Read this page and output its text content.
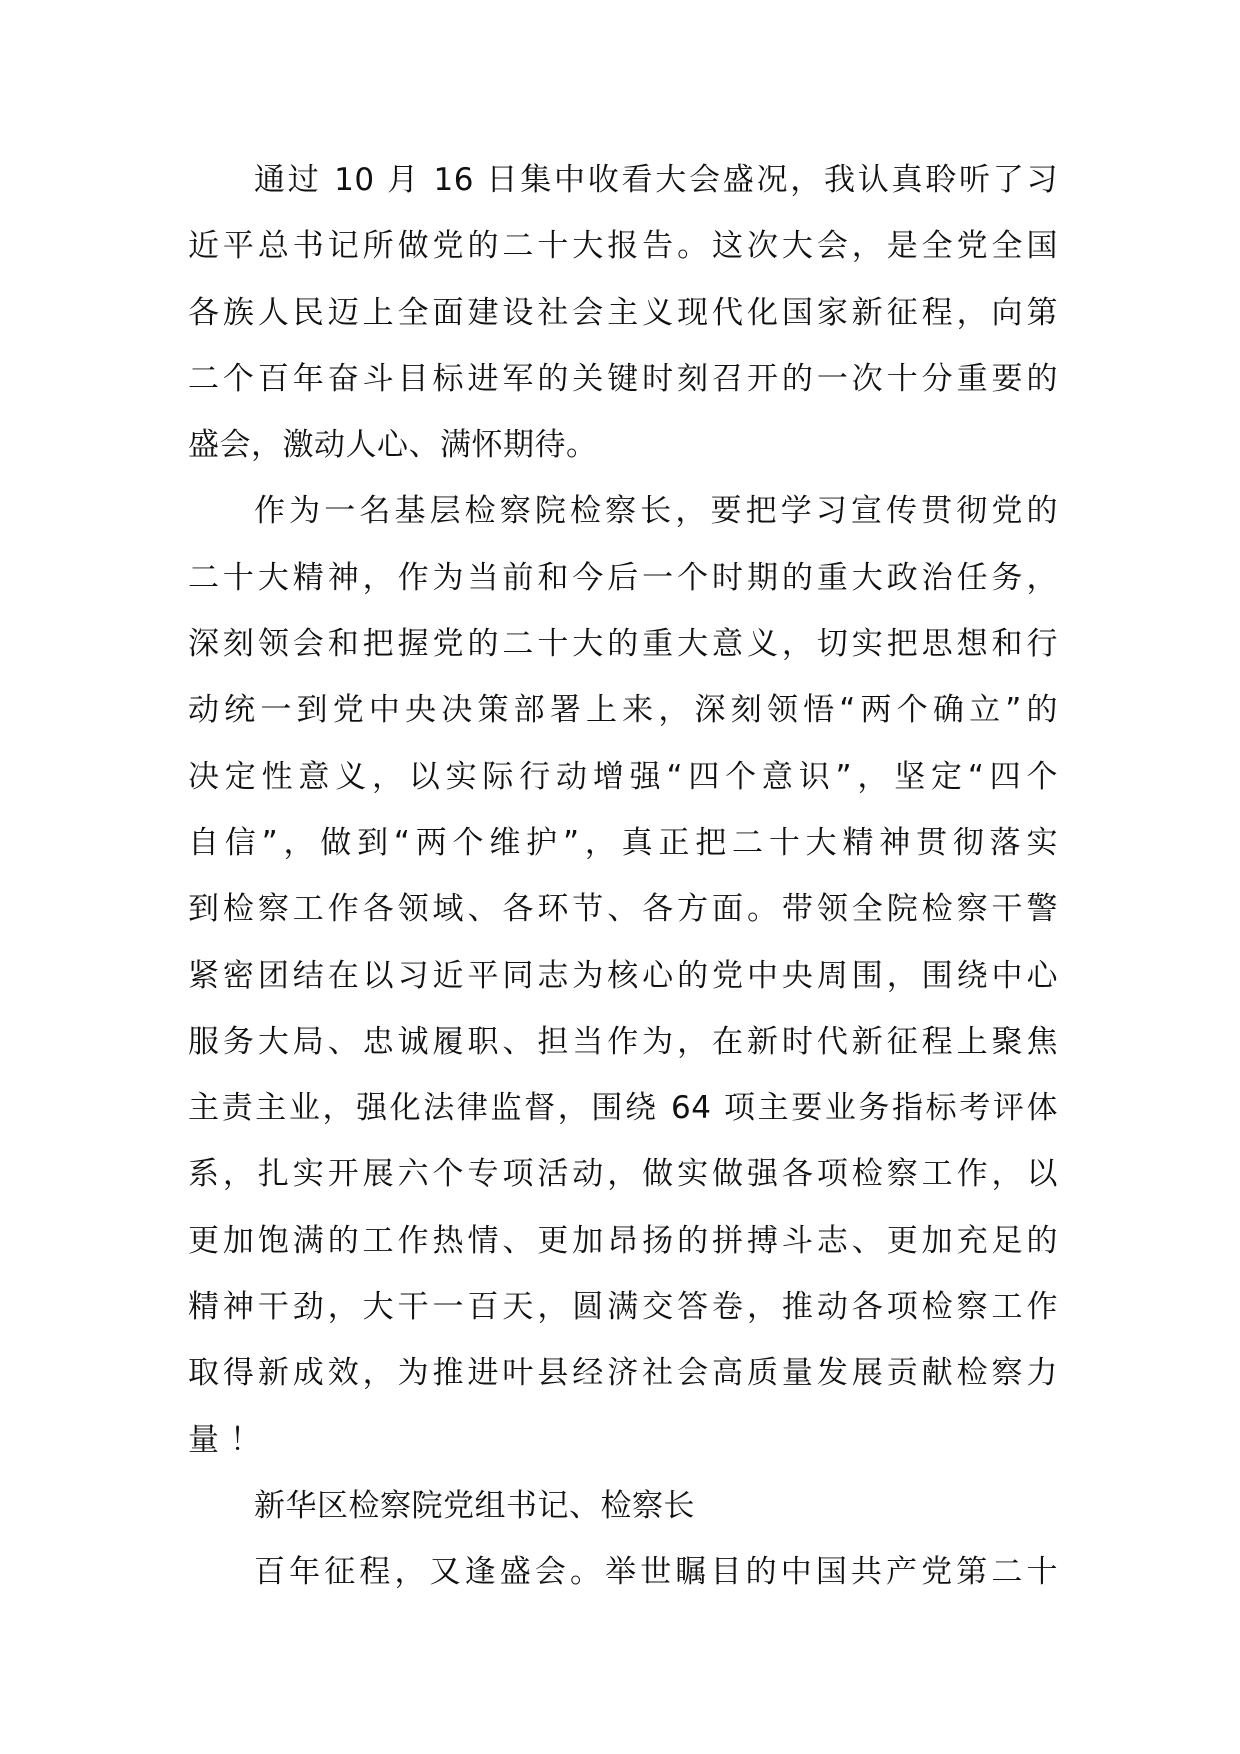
通过 10 月 16 日集中收看大会盛况，我认真聆听了习
近平总书记所做党的二十大报告。这次大会，是全党全国
各族人民迈上全面建设社会主义现代化国家新征程，向第
二个百年奋斗目标进军的关键时刻召开的一次十分重要的
盛会，激动人心、满怀期待。
作为一名基层检察院检察长，要把学习宣传贯彻党的
二十大精神，作为当前和今后一个时期的重大政治任务，
深刻领会和把握党的二十大的重大意义，切实把思想和行
动统一到党中央决策部署上来，深刻领悟“两个确立”的
决定性意义，以实际行动增强“四个意识”，坚定“四个
自信”，做到“两个维护”，真正把二十大精神贯彻落实
到检察工作各领域、各环节、各方面。带领全院检察干警
紧密团结在以习近平同志为核心的党中央周围，围绕中心
服务大局、忠诚履职、担当作为，在新时代新征程上聚焦
主责主业，强化法律监督，围绕 64 项主要业务指标考评体
系，扎实开展六个专项活动，做实做强各项检察工作，以
更加饱满的工作热情、更加昂扬的拼搏斗志、更加充足的
精神干劲，大干一百天，圆满交答卷，推动各项检察工作
取得新成效，为推进叶县经济社会高质量发展贡献检察力
量 ！
新华区检察院党组书记、检察长
百年征程，又逢盛会。举世瞩目的中国共产党第二十
